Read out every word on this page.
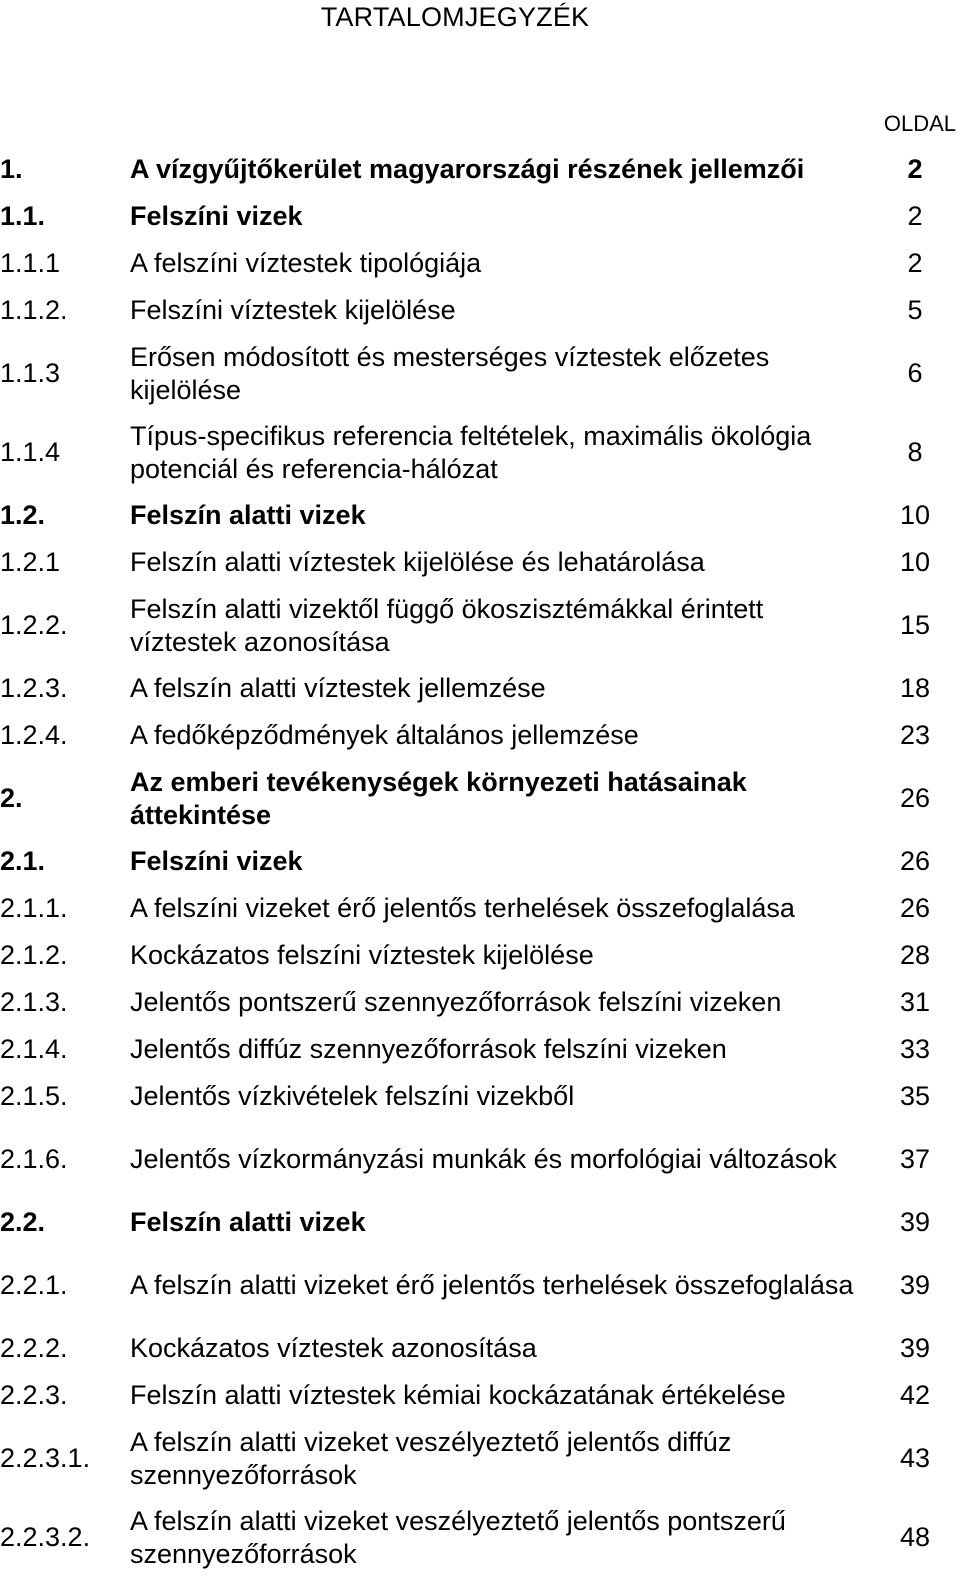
TARTALOMJEGYZÉK
OLDAL
1.	A vízgyűjtőkerület magyarországi részének jellemzői	2
1.1.	Felszíni vizek	2
1.1.1	A felszíni víztestek tipológiája	2
1.1.2.	Felszíni víztestek kijelölése	5
1.1.3	Erősen módosított és mesterséges víztestek előzetes kijelölése	6
1.1.4	Típus-specifikus referencia feltételek, maximális ökológia potenciál és referencia-hálózat	8
1.2.	Felszín alatti vizek	10
1.2.1	Felszín alatti víztestek kijelölése és lehatárolása	10
1.2.2.	Felszín alatti vizektől függő ökoszisztémákkal érintett víztestek azonosítása	15
1.2.3.	A felszín alatti víztestek jellemzése	18
1.2.4.	A fedőképződmények általános jellemzése	23
2.	Az emberi tevékenységek környezeti hatásainak áttekintése	26
2.1.	Felszíni vizek	26
2.1.1.	A felszíni vizeket érő jelentős terhelések összefoglalása	26
2.1.2.	Kockázatos felszíni víztestek kijelölése	28
2.1.3.	Jelentős pontszerű szennyezőforrások felszíni vizeken	31
2.1.4.	Jelentős diffúz szennyezőforrások felszíni vizeken	33
2.1.5.	Jelentős vízkivételek felszíni vizekből	35
2.1.6.	Jelentős vízkormányzási munkák és morfológiai változások	37
2.2.	Felszín alatti vizek	39
2.2.1.	A felszín alatti vizeket érő jelentős terhelések összefoglalása	39
2.2.2.	Kockázatos víztestek azonosítása	39
2.2.3.	Felszín alatti víztestek kémiai kockázatának értékelése	42
2.2.3.1.	A felszín alatti vizeket veszélyeztető jelentős diffúz szennyezőforrások	43
2.2.3.2.	A felszín alatti vizeket veszélyeztető jelentős pontszerű szennyezőforrások	48
